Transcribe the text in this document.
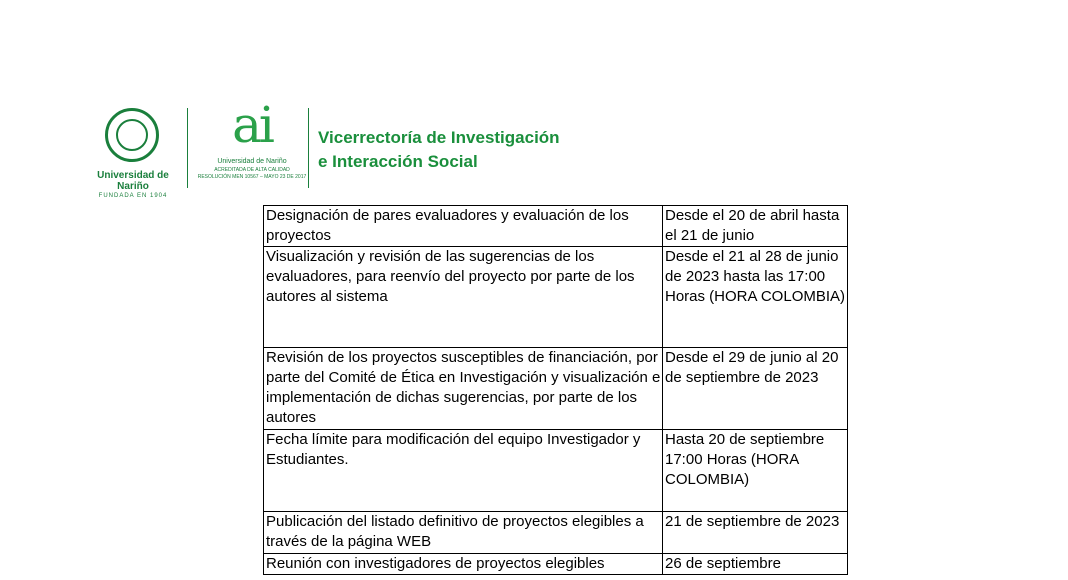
Universidad de Nariño
FUNDADA EN 1904
ai
Universidad de Nariño
ACREDITADA DE ALTA CALIDAD
RESOLUCIÓN MEN 10567 – MAYO 23 DE 2017
Vicerrectoría de Investigación
e Interacción Social
Designación de pares evaluadores y evaluación de los proyectos	Desde el 20 de abril hasta el 21 de junio
Visualización y revisión de las sugerencias de los evaluadores, para reenvío del proyecto por parte de los autores al sistema	Desde el 21 al 28 de junio de 2023 hasta las 17:00 Horas (HORA COLOMBIA)
Revisión de los proyectos susceptibles de financiación, por parte del Comité de Ética en Investigación y visualización e implementación de dichas sugerencias, por parte de los autores	Desde el 29 de junio al 20 de septiembre de 2023
Fecha límite para modificación del equipo Investigador y Estudiantes.	Hasta 20 de septiembre 17:00 Horas (HORA COLOMBIA)
Publicación del listado definitivo de proyectos elegibles a través de la página WEB	21 de septiembre de 2023
Reunión con investigadores de proyectos elegibles	26 de septiembre
